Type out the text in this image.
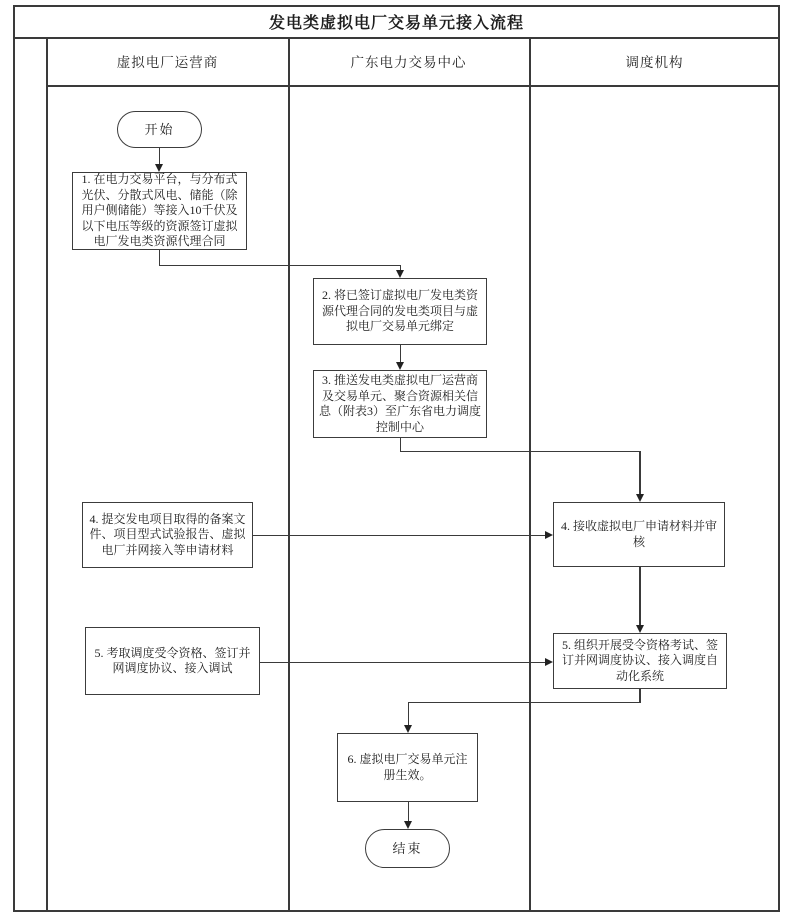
发电类虚拟电厂交易单元接入流程
虚拟电厂运营商	广东电力交易中心	调度机构
开始
1. 在电力交易平台，与分布式光伏、分散式风电、储能（除用户侧储能）等接入10千伏及以下电压等级的资源签订虚拟电厂发电类资源代理合同
2. 将已签订虚拟电厂发电类资源代理合同的发电类项目与虚拟电厂交易单元绑定
3. 推送发电类虚拟电厂运营商及交易单元、聚合资源相关信息（附表3）至广东省电力调度控制中心
4. 提交发电项目取得的备案文件、项目型式试验报告、虚拟电厂并网接入等申请材料
4. 接收虚拟电厂申请材料并审核
5. 考取调度受令资格、签订并网调度协议、接入调试
5. 组织开展受令资格考试、签订并网调度协议、接入调度自动化系统
6. 虚拟电厂交易单元注册生效。
结束
